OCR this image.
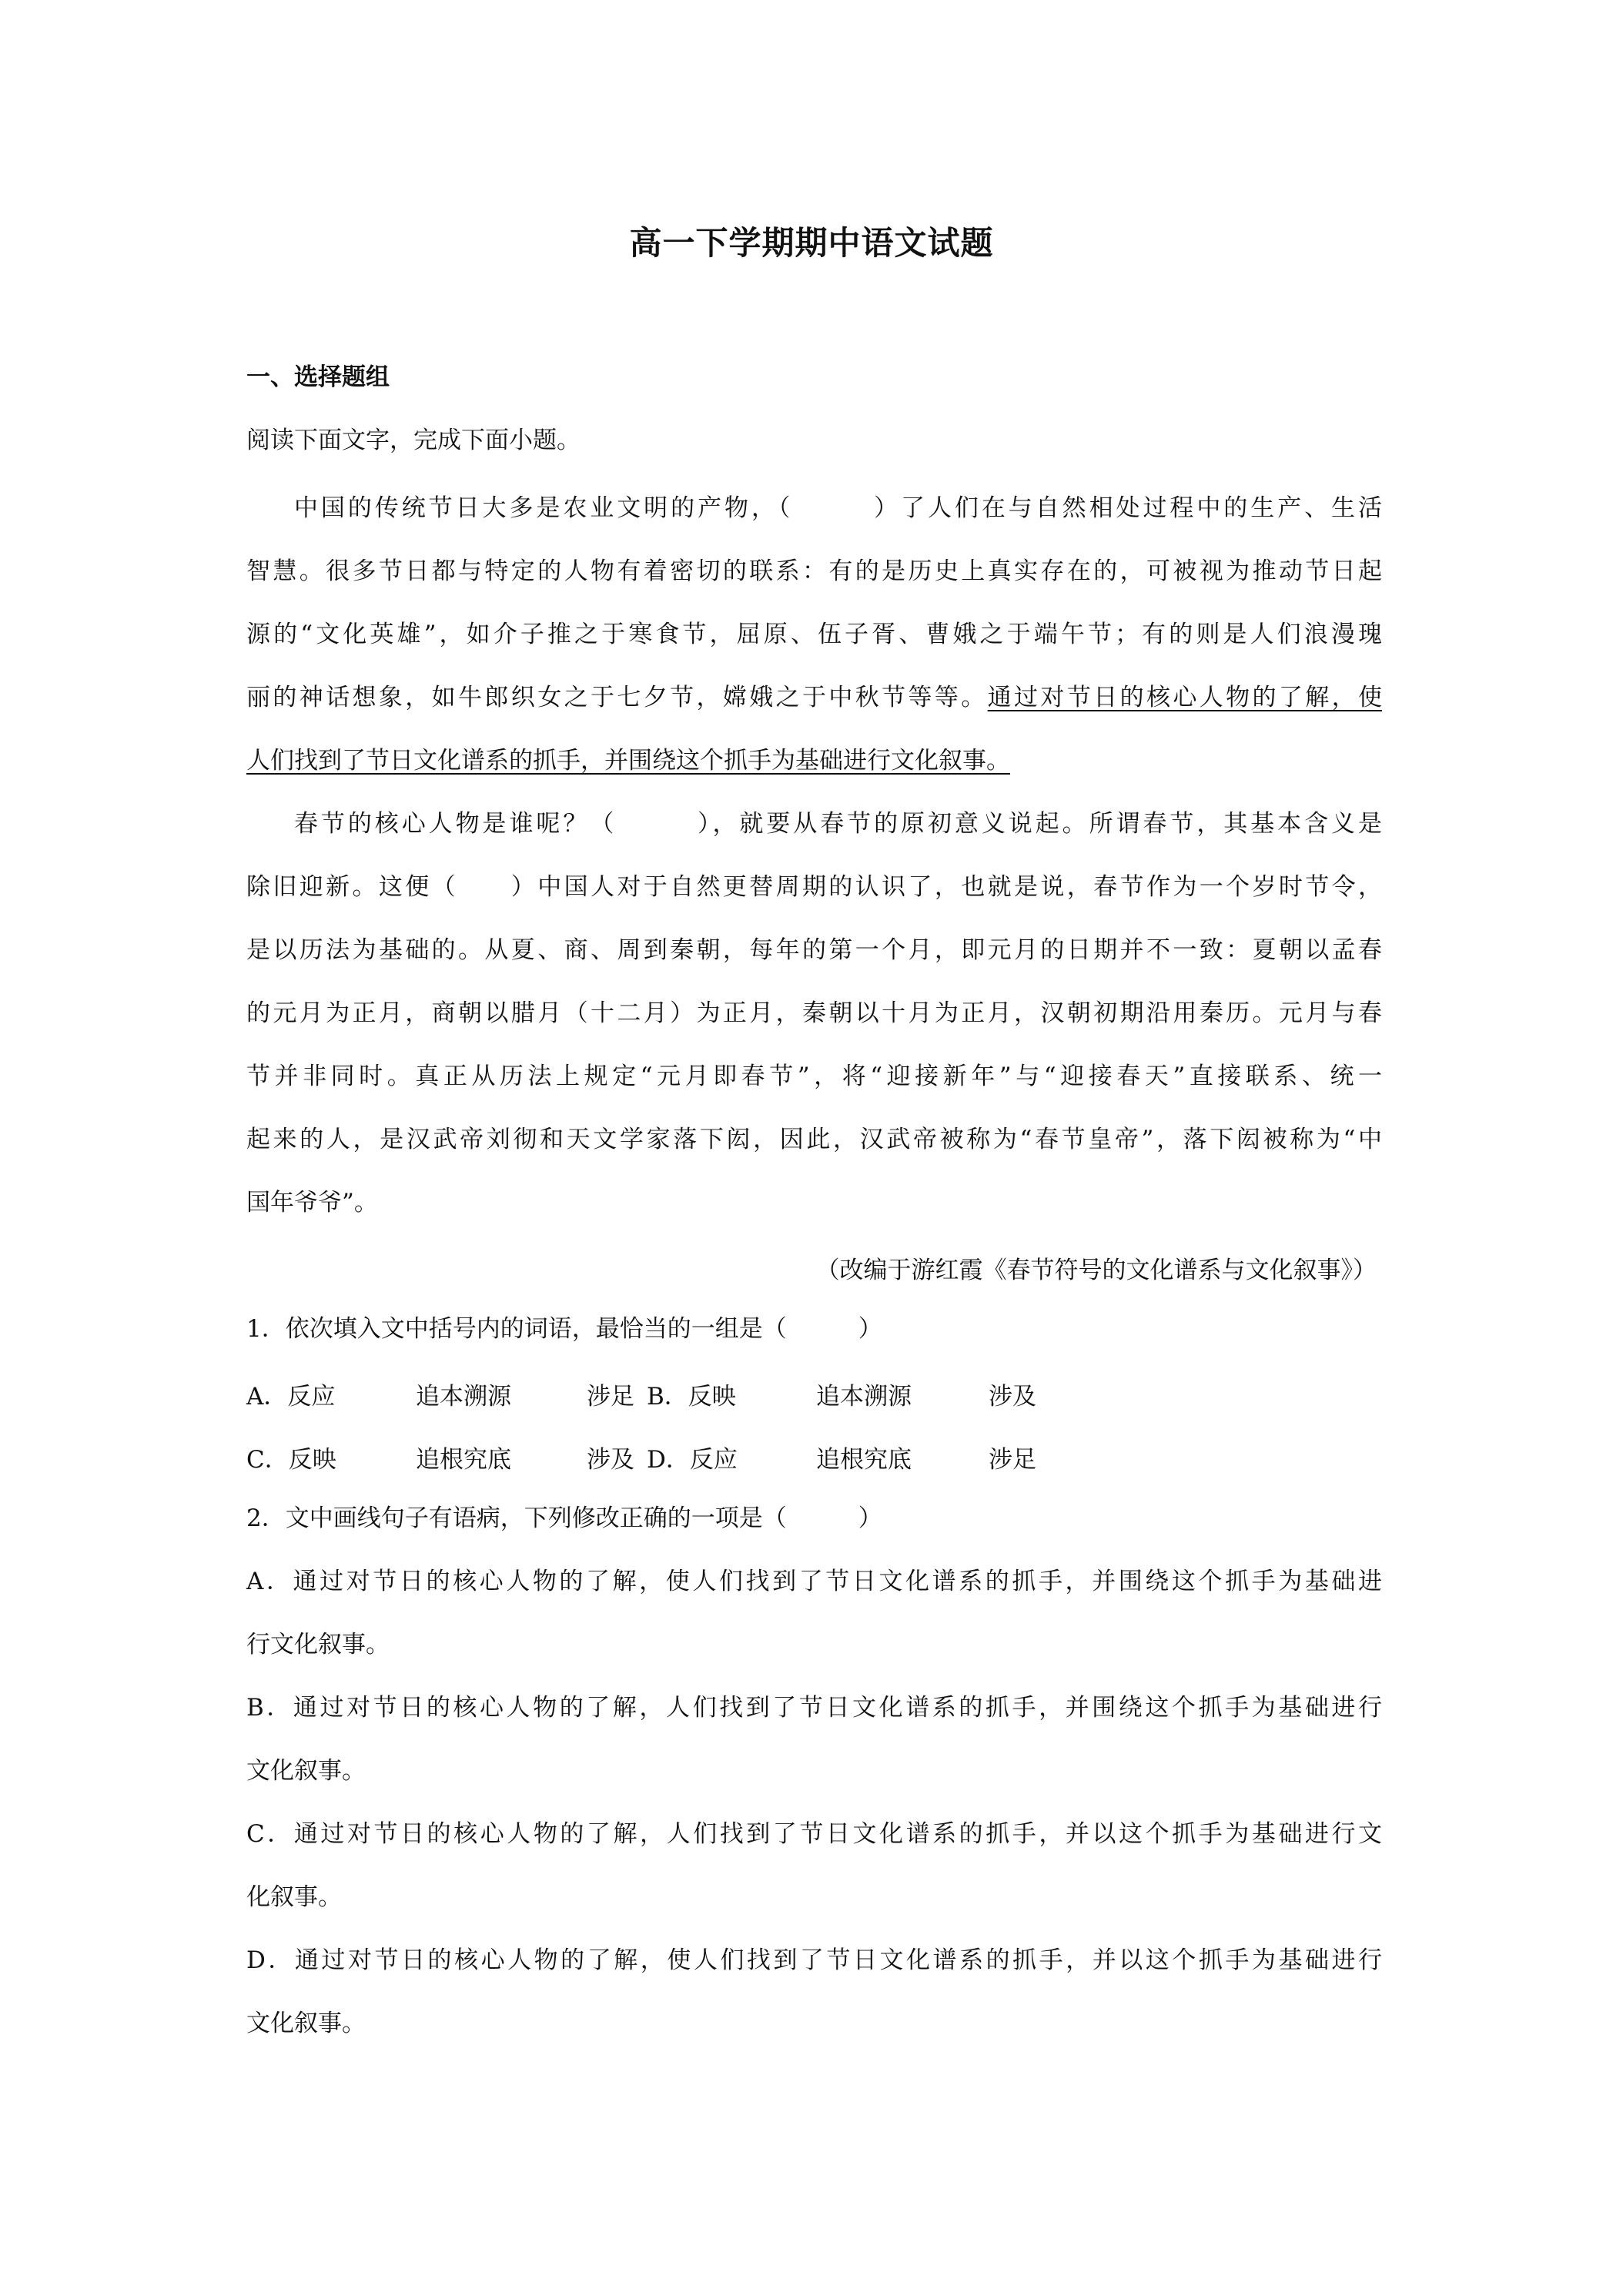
高一下学期期中语文试题
一、选择题组
阅读下面文字，完成下面小题。
中国的传统节日大多是农业文明的产物，（　　　）了人们在与自然相处过程中的生产、生活
智慧。很多节日都与特定的人物有着密切的联系：有的是历史上真实存在的，可被视为推动节日起
源的“文化英雄”，如介子推之于寒食节，屈原、伍子胥、曹娥之于端午节；有的则是人们浪漫瑰
丽的神话想象，如牛郎织女之于七夕节，嫦娥之于中秋节等等。通过对节日的核心人物的了解，使
人们找到了节日文化谱系的抓手，并围绕这个抓手为基础进行文化叙事。
春节的核心人物是谁呢？（　　　），就要从春节的原初意义说起。所谓春节，其基本含义是
除旧迎新。这便（　　）中国人对于自然更替周期的认识了，也就是说，春节作为一个岁时节令，
是以历法为基础的。从夏、商、周到秦朝，每年的第一个月，即元月的日期并不一致：夏朝以孟春
的元月为正月，商朝以腊月（十二月）为正月，秦朝以十月为正月，汉朝初期沿用秦历。元月与春
节并非同时。真正从历法上规定“元月即春节”，将“迎接新年”与“迎接春天”直接联系、统一
起来的人，是汉武帝刘彻和天文学家落下闳，因此，汉武帝被称为“春节皇帝”，落下闳被称为“中
国年爷爷”。
（改编于游红霞《春节符号的文化谱系与文化叙事》）
1．依次填入文中括号内的词语，最恰当的一组是（　　　）
A．反应	追本溯源	涉足 B．反映	追本溯源	涉及
C．反映	追根究底	涉及 D．反应	追根究底	涉足
2．文中画线句子有语病，下列修改正确的一项是（　　　）
A．通过对节日的核心人物的了解，使人们找到了节日文化谱系的抓手，并围绕这个抓手为基础进
行文化叙事。
B．通过对节日的核心人物的了解，人们找到了节日文化谱系的抓手，并围绕这个抓手为基础进行
文化叙事。
C．通过对节日的核心人物的了解，人们找到了节日文化谱系的抓手，并以这个抓手为基础进行文
化叙事。
D．通过对节日的核心人物的了解，使人们找到了节日文化谱系的抓手，并以这个抓手为基础进行
文化叙事。
